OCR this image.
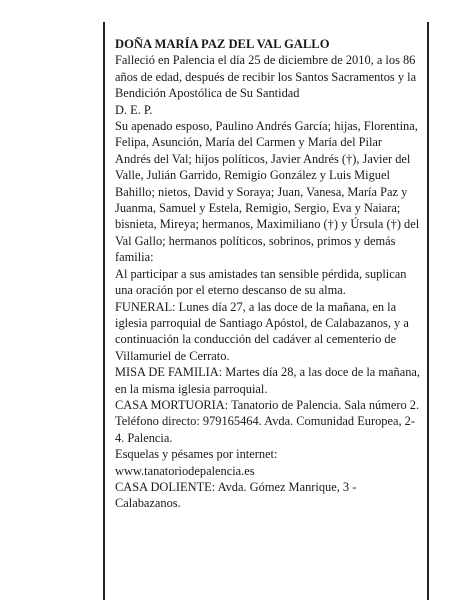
DOÑA MARÍA PAZ DEL VAL GALLO

Falleció en Palencia el día 25 de diciembre de 2010, a los 86 años de edad, después de recibir los Santos Sacramentos y la Bendición Apostólica de Su Santidad

D. E. P.

Su apenado esposo, Paulino Andrés García; hijas, Florentina, Felipa, Asunción, María del Carmen y María del Pilar Andrés del Val; hijos políticos, Javier Andrés (†), Javier del Valle, Julián Garrido, Remigio González y Luis Miguel Bahillo; nietos, David y Soraya; Juan, Vanesa, María Paz y Juanma, Samuel y Estela, Remigio, Sergio, Eva y Naiara; bisnieta, Mireya; hermanos, Maximiliano (†) y Úrsula (†) del Val Gallo; hermanos políticos, sobrinos, primos y demás familia:

Al participar a sus amistades tan sensible pérdida, suplican una oración por el eterno descanso de su alma.

FUNERAL: Lunes día 27, a las doce de la mañana, en la iglesia parroquial de Santiago Apóstol, de Calabazanos, y a continuación la conducción del cadáver al cementerio de Villamuriel de Cerrato.

MISA DE FAMILIA: Martes día 28, a las doce de la mañana, en la misma iglesia parroquial.

CASA MORTUORIA: Tanatorio de Palencia. Sala número 2. Teléfono directo: 979165464. Avda. Comunidad Europea, 2-4. Palencia.

Esquelas y pésames por internet:

www.tanatoriodepalencia.es

CASA DOLIENTE: Avda. Gómez Manrique, 3 - Calabazanos.
